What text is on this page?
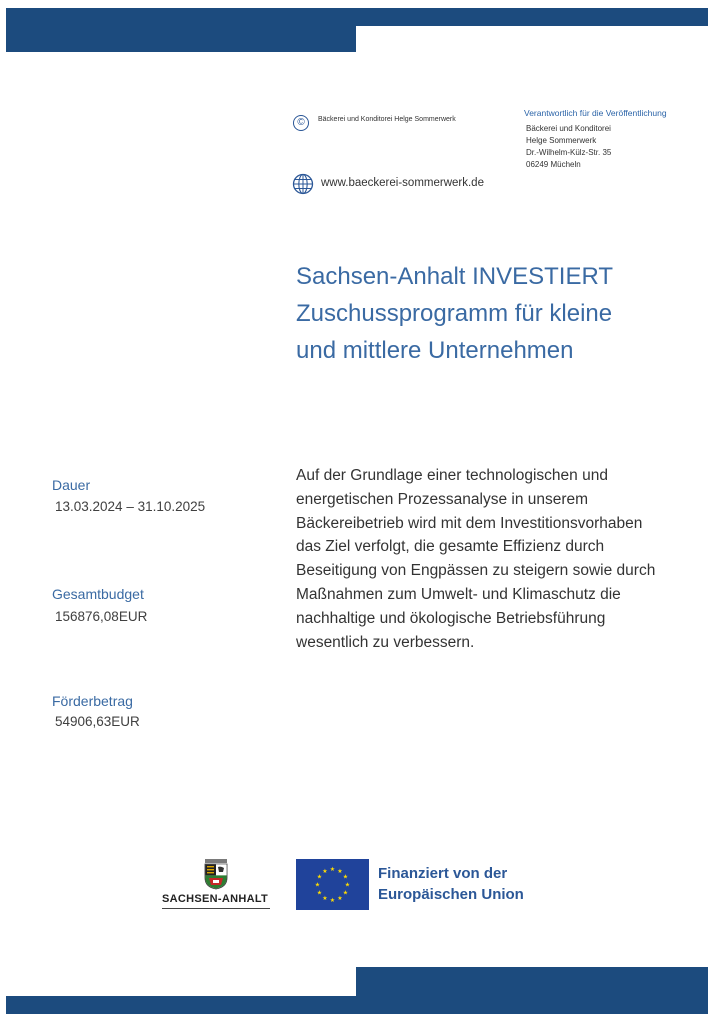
©	Bäckerei und Konditorei Helge Sommerwerk
Verantwortlich für die Veröffentlichung
Bäckerei und Konditorei
Helge Sommerwerk
Dr.-Wilhelm-Külz-Str. 35
06249 Mücheln
www.baeckerei-sommerwerk.de
Sachsen-Anhalt INVESTIERT
Zuschussprogramm für kleine
und mittlere Unternehmen
Dauer
13.03.2024 – 31.10.2025
Gesamtbudget
156876,08EUR
Förderbetrag
54906,63EUR
Auf der Grundlage einer technologischen und
energetischen Prozessanalyse in unserem
Bäckereibetrieb wird mit dem Investitionsvorhaben
das Ziel verfolgt, die gesamte Effizienz durch
Beseitigung von Engpässen zu steigern sowie durch
Maßnahmen zum Umwelt- und Klimaschutz die
nachhaltige und ökologische Betriebsführung
wesentlich zu verbessern.
SACHSEN-ANHALT
★ ★
★
★
★
★
★
★
★
★
★
★	Finanziert von der
Europäischen Union
